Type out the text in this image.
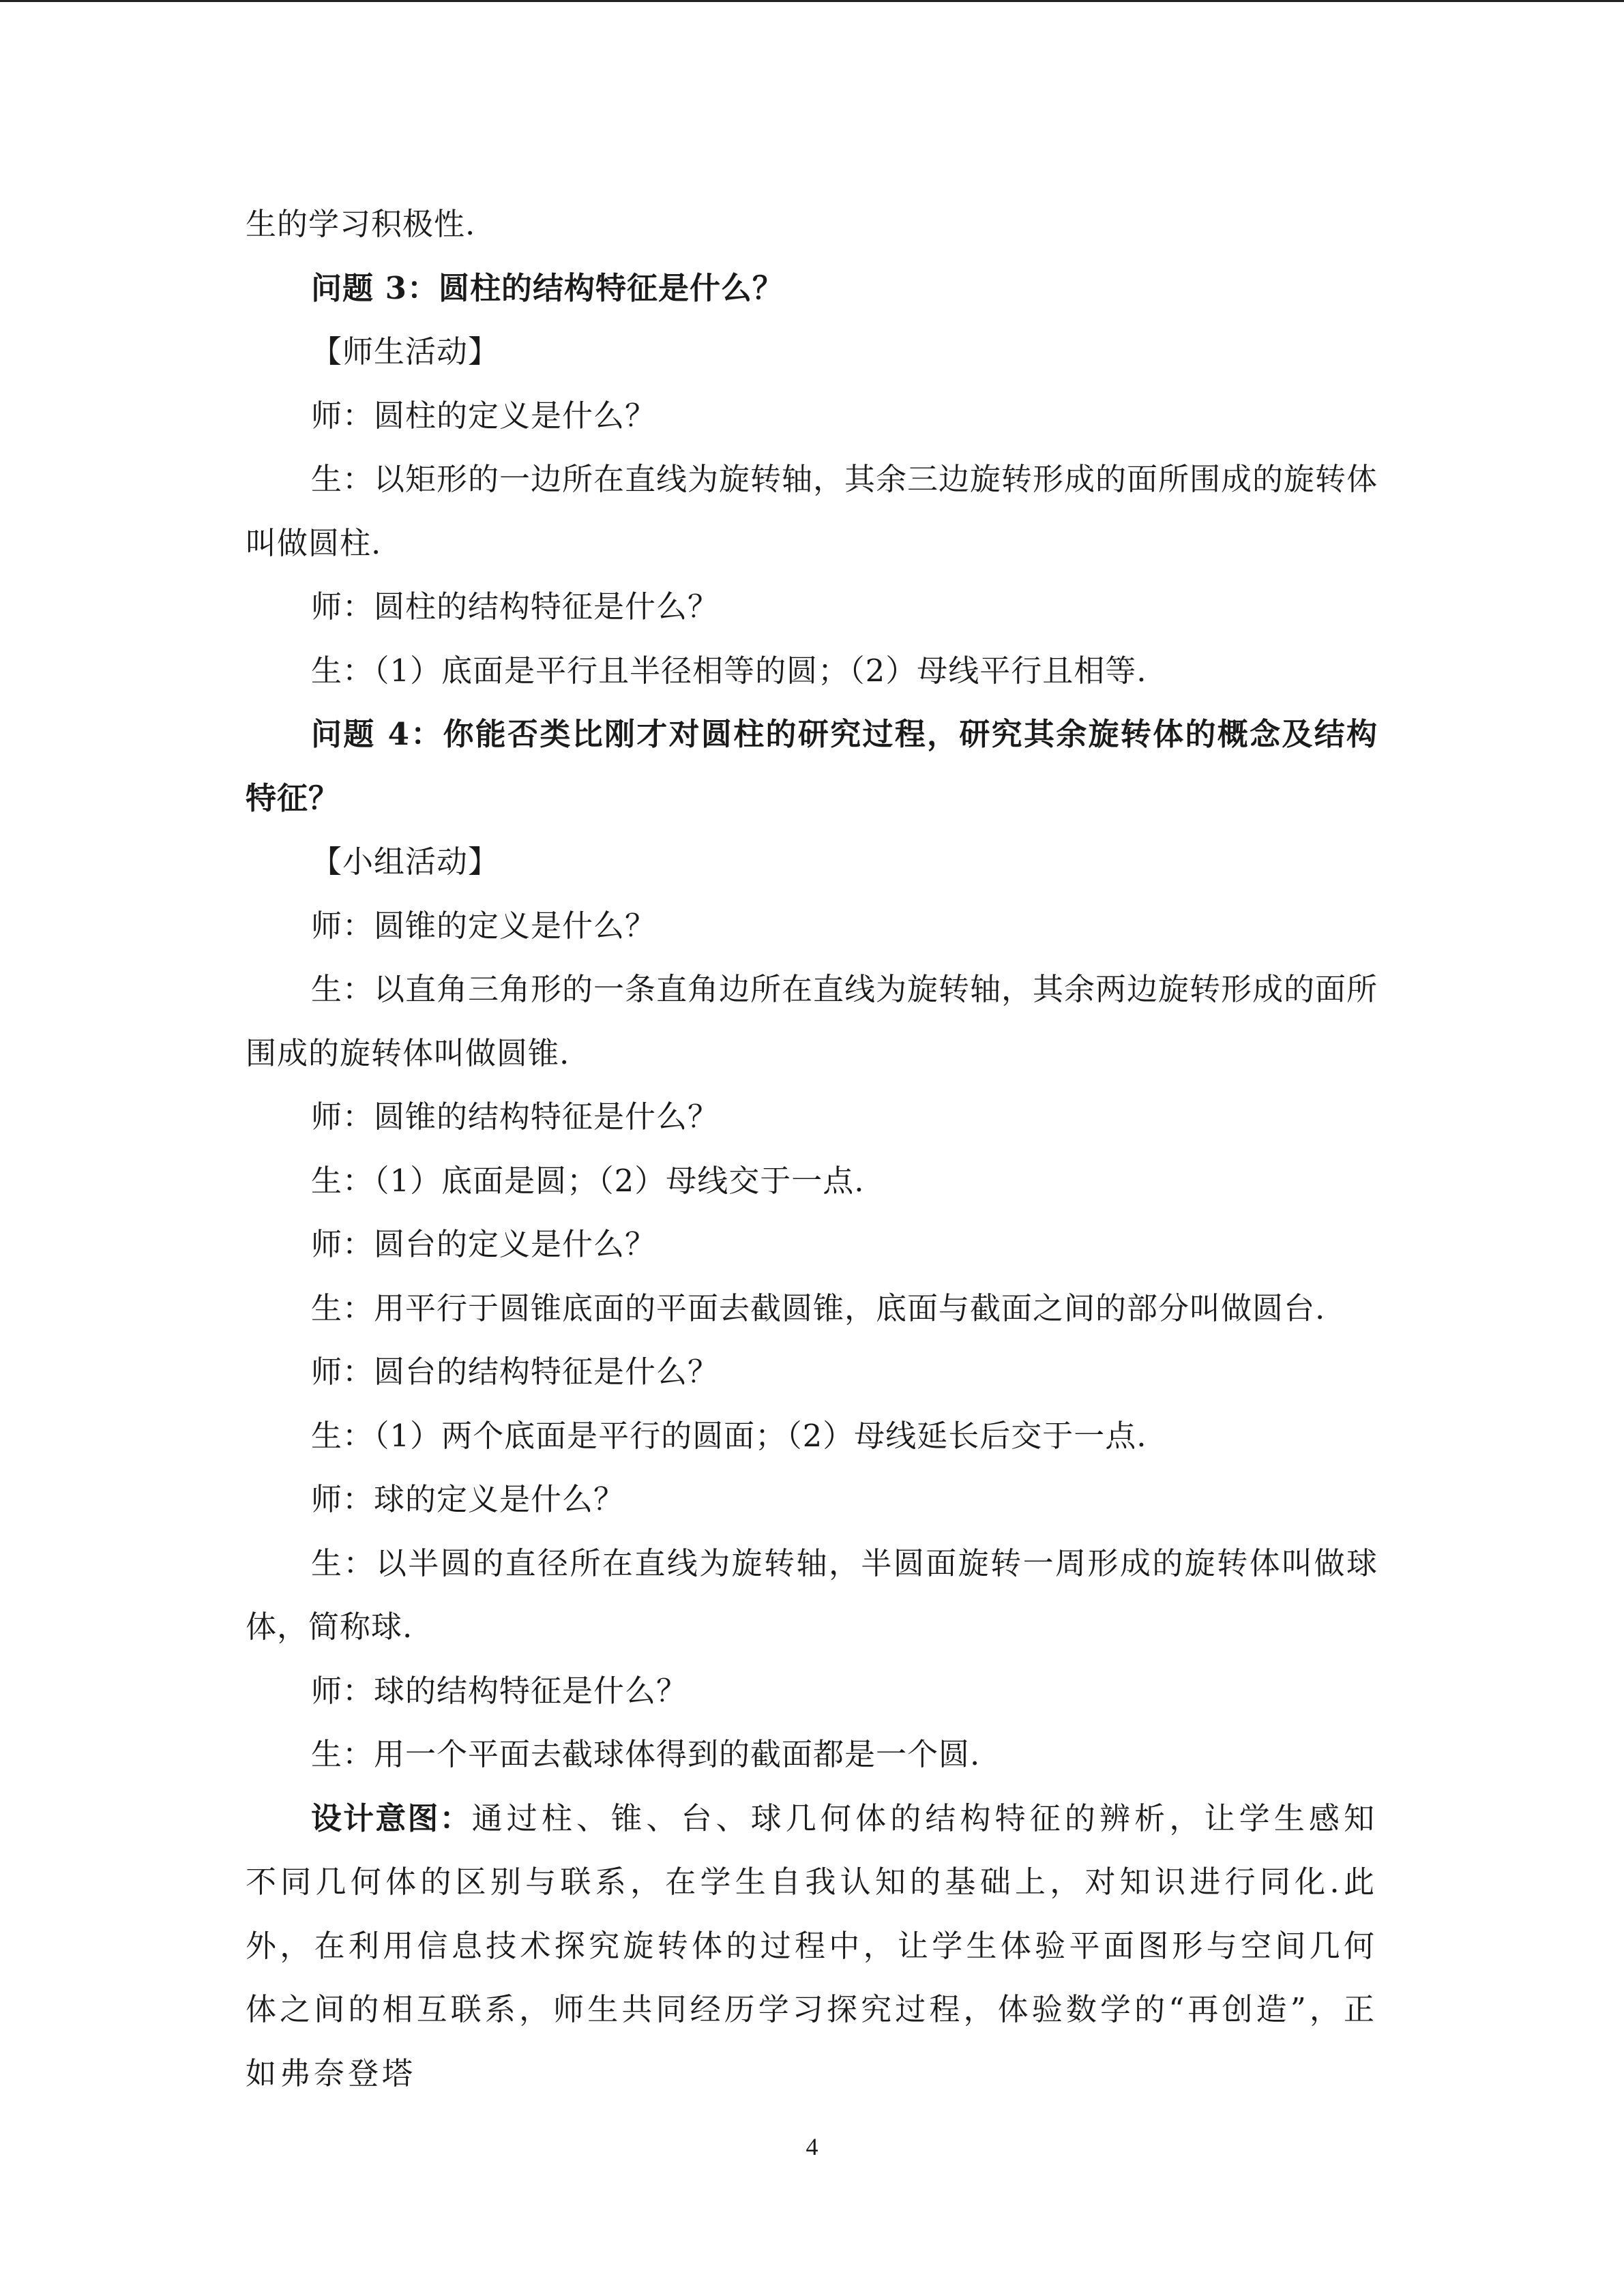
生的学习积极性.

问题 3：圆柱的结构特征是什么？

【师生活动】

师：圆柱的定义是什么？

生：以矩形的一边所在直线为旋转轴，其余三边旋转形成的面所围成的旋转体叫做圆柱.

师：圆柱的结构特征是什么？

生：（1）底面是平行且半径相等的圆；（2）母线平行且相等.

问题 4：你能否类比刚才对圆柱的研究过程，研究其余旋转体的概念及结构特征？

【小组活动】

师：圆锥的定义是什么？

生：以直角三角形的一条直角边所在直线为旋转轴，其余两边旋转形成的面所围成的旋转体叫做圆锥.

师：圆锥的结构特征是什么？

生：（1）底面是圆；（2）母线交于一点.

师：圆台的定义是什么？

生：用平行于圆锥底面的平面去截圆锥，底面与截面之间的部分叫做圆台.

师：圆台的结构特征是什么？

生：（1）两个底面是平行的圆面；（2）母线延长后交于一点.

师：球的定义是什么？

生：以半圆的直径所在直线为旋转轴，半圆面旋转一周形成的旋转体叫做球体，简称球.

师：球的结构特征是什么？

生：用一个平面去截球体得到的截面都是一个圆.

设计意图：通过柱、锥、台、球几何体的结构特征的辨析，让学生感知不同几何体的区别与联系，在学生自我认知的基础上，对知识进行同化.此外，在利用信息技术探究旋转体的过程中，让学生体验平面图形与空间几何体之间的相互联系，师生共同经历学习探究过程，体验数学的“再创造”，正如弗奈登塔

4
